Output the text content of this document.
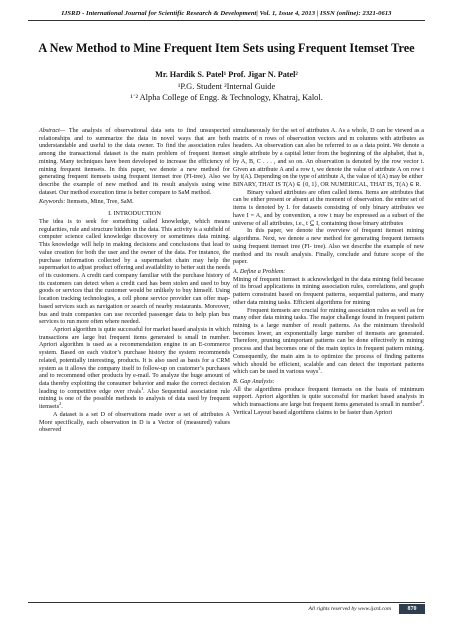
IJSRD - International Journal for Scientific Research & Development| Vol. 1, Issue 4, 2013 | ISSN (online): 2321-0613
A New Method to Mine Frequent Item Sets using Frequent Itemset Tree
Mr. Hardik S. Patel¹ Prof. Jigar N. Patel²
¹P.G. Student ²Internal Guide
¹˙² Alpha College of Engg. & Technology, Khatraj, Kalol.

Abstract— The analysis of observational data sets to find unsuspected relationships and to summarize the data in novel ways that are both understandable and useful to the data owner. To find the association rules among the transactional dataset is the main problem of frequent itemset mining. Many techniques have been developed to increase the efficiency of mining frequent itemsets. In this paper, we denote a new method for generating frequent itemsets using frequent itemset tree (FI-tree). Also we describe the example of new method and its result analysis using wine dataset. Our method execution time is better compare to SaM method.

Keywords: Itemsets, Mine, Tree, SaM.

I. INTRODUCTION

The idea is to seek for something called knowledge, which means regularities, rule and structure hidden in the data. This activity is a subfield of computer science called knowledge discovery or sometimes data mining. This knowledge will help in making decisions and conclusions that lead to value creation for both the user and the owner of the data. For instance, the purchase information collected by a supermarket chain may help the supermarket to adjust product offering and availability to better suit the needs of its customers. A credit card company familiar with the purchase history of its customers can detect when a credit card has been stolen and used to buy goods or services that the customer would be unlikely to buy himself. Using location tracking technologies, a cell phone service provider can offer map-based services such as navigation or search of nearby restaurants. Moreover, bus and train companies can use recorded passenger data to help plan bus services to run more often where needed.

Apriori algorithm is quite successful for market based analysis in which transactions are large but frequent items generated is small in number. Apriori algorithm is used as a recommendation engine in an E-commerce system. Based on each visitor’s purchase history the system recommends related, potentially interesting, products. It is also used as basis for a CRM system as it allows the company itself to follow-up on customer’s purchases and to recommend other products by e-mail. To analyze the huge amount of data thereby exploiting the consumer behavior and make the correct decision leading to competitive edge over rivals$^1$. Also Sequential association rule mining is one of the possible methods to analysis of data used by frequent itemsets$^2$.

A dataset is a set D of observations made over a set of attributes A More specifically, each observation in D is a Vector of (measured) values observed

simultaneously for the set of attributes A. As a whole, D can be viewed as a matrix of n rows of observation vectors and m columns with attributes as headers. An observation can also be referred to as a data point. We denote a single attribute by a capital letter from the beginning of the alphabet, that is, by A, B, C . . . , and so on. An observation is denoted by the row vector t. Given an attribute A and a row t, we denote the value of attribute A on row t by t(A). Depending on the type of attribute A, the value of t(A) may be either

BINARY, THAT IS T(A) ∈ {0, 1}, OR NUMERICAL, THAT IS, T(A) ∈ R.

Binary valued attributes are often called items. Items are attributes that can be either present or absent at the moment of observation. the entire set of items is denoted by I. for datasets consisting of only binary attributes we have I = A, and by convention, a row t may be expressed as a subset of the universe of all attributes, i.e., t ⊆ I, containing those binary attributes

In this paper, we denote the overview of frequent itemset mining algorithms. Next, we denote a new method for generating frequent itemsets using frequent itemset tree (FI- tree). Also we describe the example of new method and its result analysis. Finally, conclude and future scope of the paper.

A. Define a Problem:

Mining of frequent itemset is acknowledged in the data mining field because of its broad applications in mining association rules, correlations, and graph pattern constraint based on frequent patterns, sequential patterns, and many other data mining tasks. Efficient algorithms for mining

Frequent itemsets are crucial for mining association rules as well as for many other data mining tasks. The major challenge found in frequent pattern mining is a large number of result patterns. As the minimum threshold becomes lower, an exponentially large number of itemsets are generated. Therefore, pruning unimportant patterns can be done effectively in mining process and that becomes one of the main topics in frequent pattern mining. Consequently, the main aim is to optimize the process of finding patterns which should be efficient, scalable and can detect the important patterns which can be used in various ways$^3$.

B. Gap Analysis:

All the algorithms produce frequent itemsets on the basis of minimum support. Apriori algorithm is quite successful for market based analysis in which transactions are large but frequent items generated is small in number$^4$. Vertical Layout based algorithms claims to be faster than Apriori

All rights reserved by www.ijsrd.com	870
